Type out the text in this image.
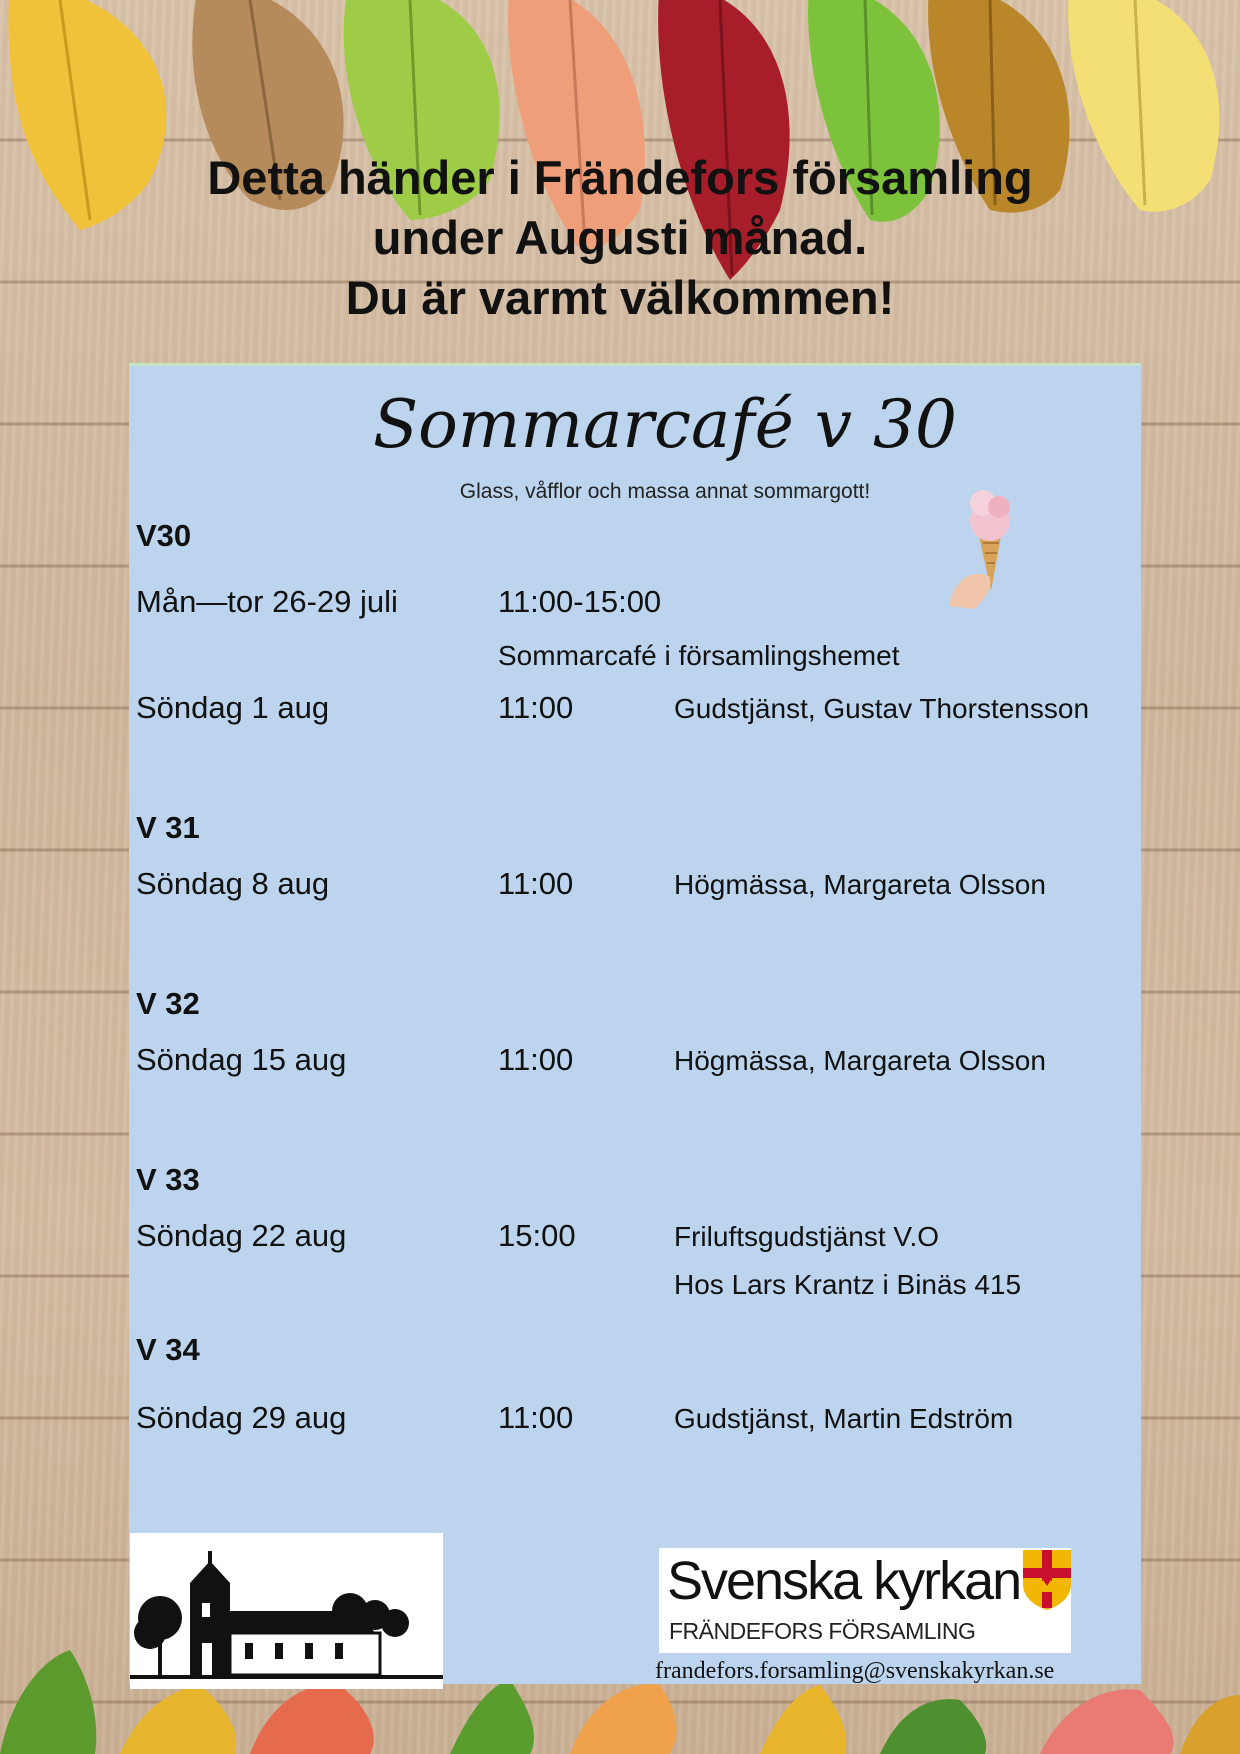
Detta händer i Frändefors församling
under Augusti månad.
Du är varmt välkommen!
Sommarcafé v 30
Glass, våfflor och massa annat sommargott!
V30
Mån—tor 26-29 juli	11:00-15:00
Sommarcafé i församlingshemet
Söndag 1 aug	11:00	Gudstjänst, Gustav Thorstensson
V 31
Söndag 8 aug	11:00	Högmässa, Margareta Olsson
V 32
Söndag 15 aug	11:00	Högmässa, Margareta Olsson
V 33
Söndag 22 aug	15:00	Friluftsgudstjänst V.O
Hos Lars Krantz i Binäs 415
V 34
Söndag 29 aug	11:00	Gudstjänst, Martin Edström
Svenska kyrkan
FRÄNDEFORS FÖRSAMLING
frandefors.forsamling@svenskakyrkan.se
